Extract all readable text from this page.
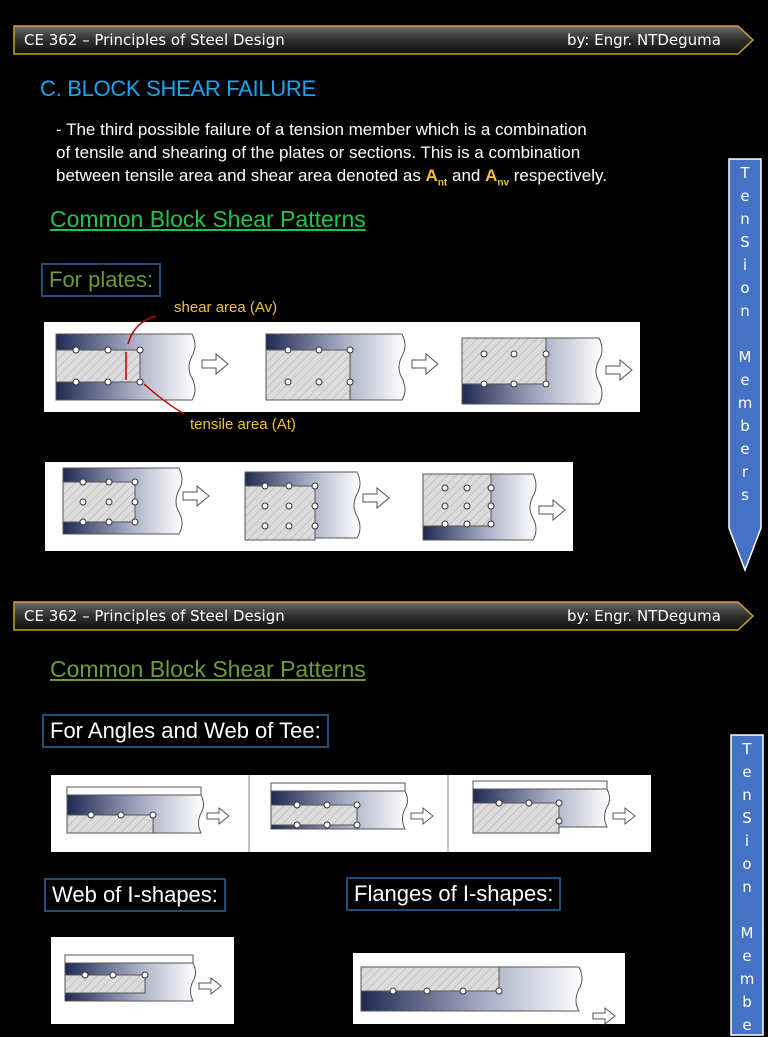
CE 362 – Principles of Steel Design	by: Engr. NTDeguma
C. BLOCK SHEAR FAILURE
- The third possible failure of a tension member which is a combination
of tensile and shearing of the plates or sections. This is a combination
between tensile area and shear area denoted as $A_{nt}$ and $A_{nv}$ respectively.
Common Block Shear Patterns
For plates:
shear area (Av)
tensile area (At)
T
e
n
S
i
o
n
M
e
m
b
e
r
s
CE 362 – Principles of Steel Design	by: Engr. NTDeguma
Common Block Shear Patterns
For Angles and Web of Tee:
Web of I-shapes:	Flanges of I-shapes:
T
e
n
S
i
o
n
M
e
m
b
e
